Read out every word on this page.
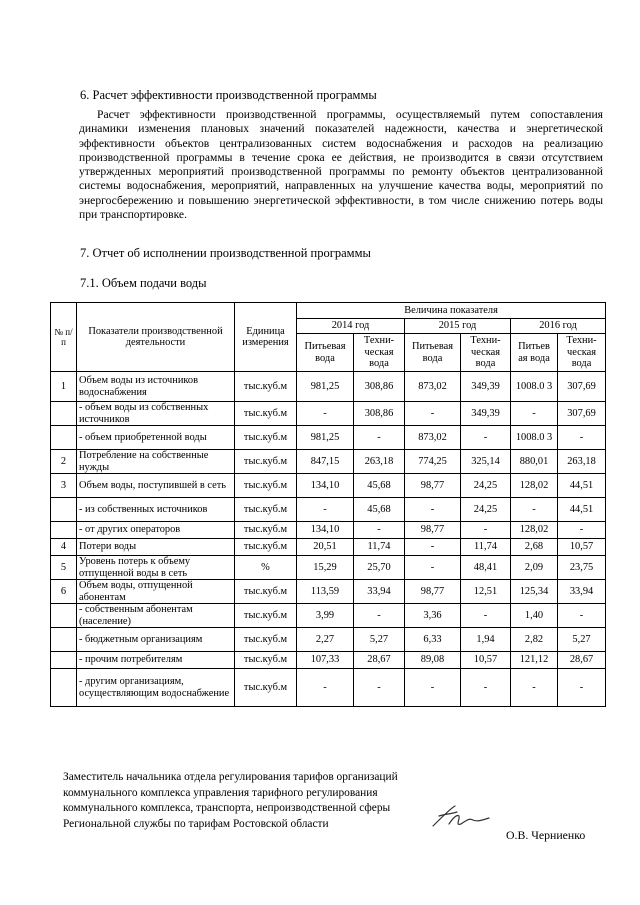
6. Расчет эффективности производственной программы

Расчет эффективности производственной программы, осуществляемый путем сопоставления динамики изменения плановых значений показателей надежности, качества и энергетической эффективности объектов централизованных систем водоснабжения и расходов на реализацию производственной программы в течение срока ее действия, не производится в связи отсутствием утвержденных мероприятий производственной программы по ремонту объектов централизованной системы водоснабжения, мероприятий, направленных на улучшение качества воды, мероприятий по энергосбережению и повышению энергетической эффективности, в том числе снижению потерь воды при транспортировке.

7. Отчет об исполнении производственной программы
7.1. Объем подачи воды
№ п/п	Показатели производственной деятельности	Единица измерения	Величина показателя					
			2014 год		2015 год		2016 год	
			Питьевая вода	Техни-ческая вода	Питьевая вода	Техни-ческая вода	Питьев ая вода	Техни-ческая вода
1	Объем воды из источников водоснабжения	тыс.куб.м	981,25	308,86	873,02	349,39	1008.0 3	307,69
	- объем воды из собственных источников	тыс.куб.м	-	308,86	-	349,39	-	307,69
	- объем приобретенной воды	тыс.куб.м	981,25	-	873,02	-	1008.0 3	-
2	Потребление на собственные нужды	тыс.куб.м	847,15	263,18	774,25	325,14	880,01	263,18
3	Объем воды, поступившей в сеть	тыс.куб.м	134,10	45,68	98,77	24,25	128,02	44,51
	- из собственных источников	тыс.куб.м	-	45,68	-	24,25	-	44,51
	- от других операторов	тыс.куб.м	134,10	-	98,77	-	128,02	-
4	Потери воды	тыс.куб.м	20,51	11,74	-	11,74	2,68	10,57
5	Уровень потерь к объему отпущенной воды в сеть	%	15,29	25,70	-	48,41	2,09	23,75
6	Объем воды, отпущенной абонентам	тыс.куб.м	113,59	33,94	98,77	12,51	125,34	33,94
	- собственным абонентам (население)	тыс.куб.м	3,99	-	3,36	-	1,40	-
	- бюджетным организациям	тыс.куб.м	2,27	5,27	6,33	1,94	2,82	5,27
	- прочим потребителям	тыс.куб.м	107,33	28,67	89,08	10,57	121,12	28,67
	- другим организациям, осуществляющим водоснабжение	тыс.куб.м	-	-	-	-	-	-
Заместитель начальника отдела регулирования тарифов организаций коммунального комплекса управления тарифного регулирования коммунального комплекса, транспорта, непроизводственной сферы Региональной службы по тарифам Ростовской области
О.В. Черниенко
